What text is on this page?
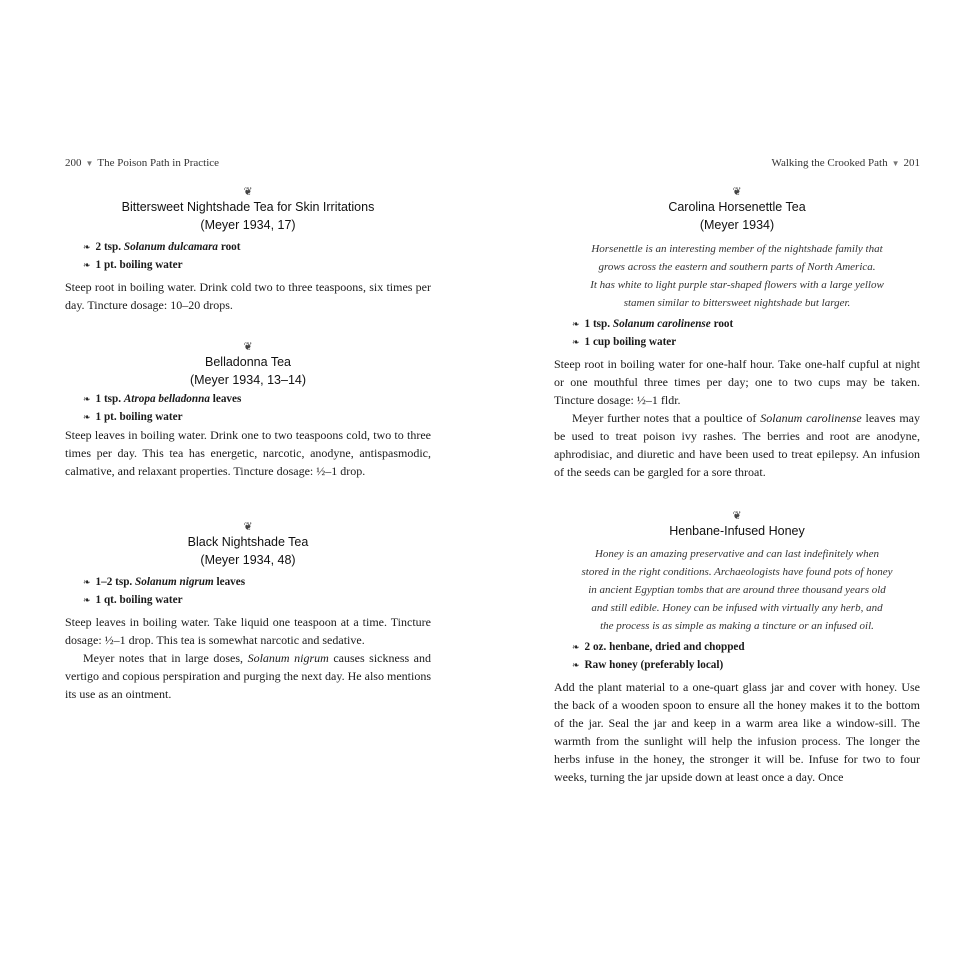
200 ▼ The Poison Path in Practice
❦
Bittersweet Nightshade Tea for Skin Irritations
(Meyer 1934, 17)
❧ 2 tsp. Solanum dulcamara root
❧ 1 pt. boiling water

Steep root in boiling water. Drink cold two to three teaspoons, six times per day. Tincture dosage: 10–20 drops.

❦
Belladonna Tea
(Meyer 1934, 13–14)
❧ 1 tsp. Atropa belladonna leaves
❧ 1 pt. boiling water

Steep leaves in boiling water. Drink one to two teaspoons cold, two to three times per day. This tea has energetic, narcotic, anodyne, antispasmodic, calmative, and relaxant properties. Tincture dosage: ½–1 drop.

❦
Black Nightshade Tea
(Meyer 1934, 48)
❧ 1–2 tsp. Solanum nigrum leaves
❧ 1 qt. boiling water

Steep leaves in boiling water. Take liquid one teaspoon at a time. Tincture dosage: ½–1 drop. This tea is somewhat narcotic and sedative.

Meyer notes that in large doses, Solanum nigrum causes sickness and vertigo and copious perspiration and purging the next day. He also mentions its use as an ointment.

Walking the Crooked Path ▼ 201
❦
Carolina Horsenettle Tea
(Meyer 1934)
Horsenettle is an interesting member of the nightshade family that
grows across the eastern and southern parts of North America.
It has white to light purple star-shaped flowers with a large yellow
stamen similar to bittersweet nightshade but larger.
❧ 1 tsp. Solanum carolinense root
❧ 1 cup boiling water

Steep root in boiling water for one-half hour. Take one-half cupful at night or one mouthful three times per day; one to two cups may be taken. Tincture dosage: ½–1 fldr.

Meyer further notes that a poultice of Solanum carolinense leaves may be used to treat poison ivy rashes. The berries and root are anodyne, aphrodisiac, and diuretic and have been used to treat epilepsy. An infusion of the seeds can be gargled for a sore throat.

❦
Henbane-Infused Honey
Honey is an amazing preservative and can last indefinitely when
stored in the right conditions. Archaeologists have found pots of honey
in ancient Egyptian tombs that are around three thousand years old
and still edible. Honey can be infused with virtually any herb, and
the process is as simple as making a tincture or an infused oil.
❧ 2 oz. henbane, dried and chopped
❧ Raw honey (preferably local)

Add the plant material to a one-quart glass jar and cover with honey. Use the back of a wooden spoon to ensure all the honey makes it to the bottom of the jar. Seal the jar and keep in a warm area like a window-sill. The warmth from the sunlight will help the infusion process. The longer the herbs infuse in the honey, the stronger it will be. Infuse for two to four weeks, turning the jar upside down at least once a day. Once
